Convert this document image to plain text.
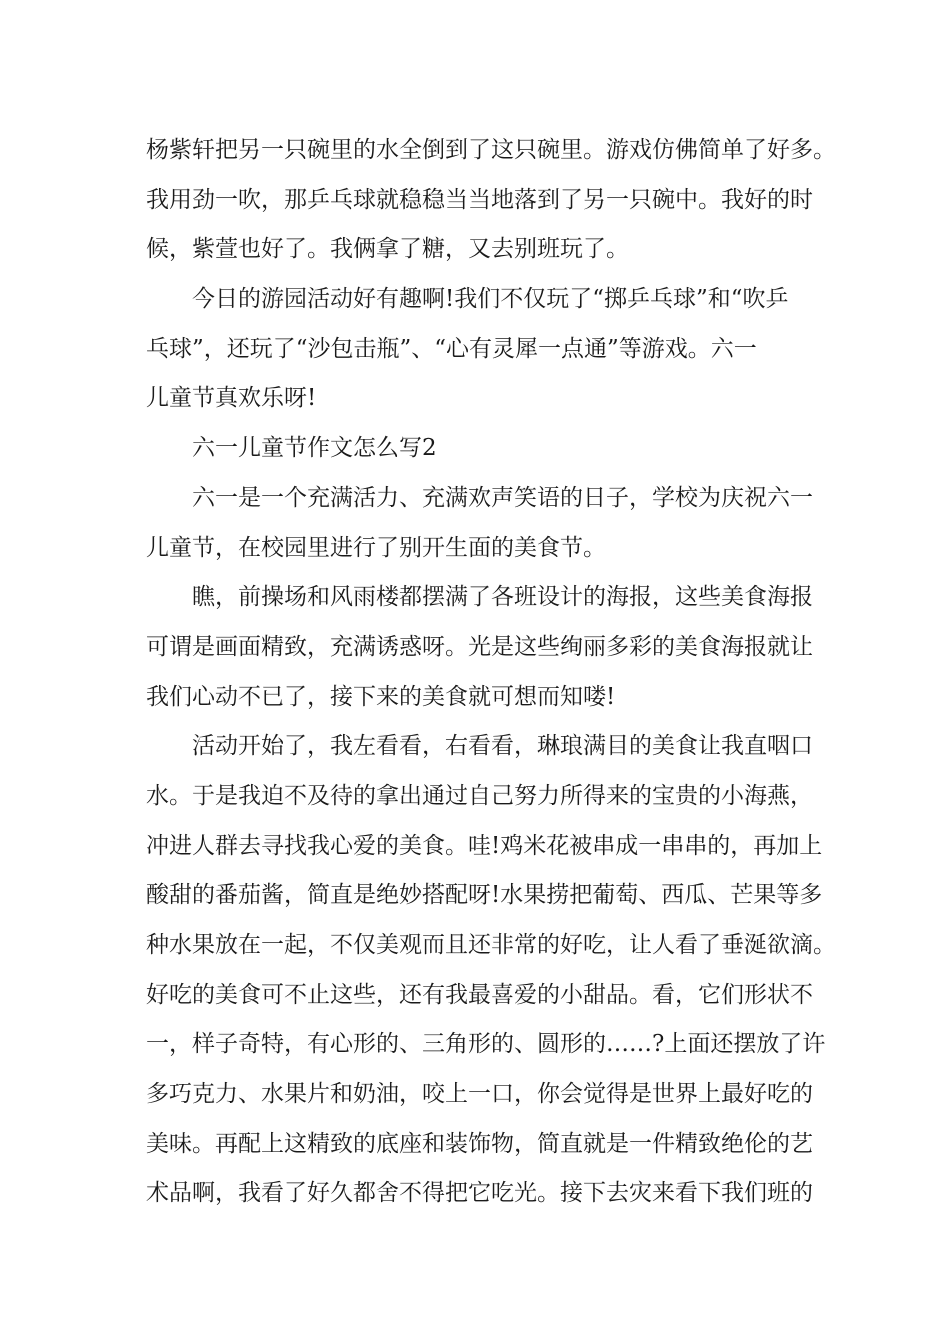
杨紫轩把另一只碗里的水全倒到了这只碗里。游戏仿佛简单了好多。
我用劲一吹，那乒乓球就稳稳当当地落到了另一只碗中。我好的时
候，紫萱也好了。我俩拿了糖，又去别班玩了。
今日的游园活动好有趣啊!我们不仅玩了“掷乒乓球”和“吹乒
乓球”，还玩了“沙包击瓶”、“心有灵犀一点通”等游戏。六一
儿童节真欢乐呀!
六一儿童节作文怎么写2
六一是一个充满活力、充满欢声笑语的日子，学校为庆祝六一
儿童节，在校园里进行了别开生面的美食节。
瞧，前操场和风雨楼都摆满了各班设计的海报，这些美食海报
可谓是画面精致，充满诱惑呀。光是这些绚丽多彩的美食海报就让
我们心动不已了，接下来的美食就可想而知喽!
活动开始了，我左看看，右看看，琳琅满目的美食让我直咽口
水。于是我迫不及待的拿出通过自己努力所得来的宝贵的小海燕，
冲进人群去寻找我心爱的美食。哇!鸡米花被串成一串串的，再加上
酸甜的番茄酱，简直是绝妙搭配呀!水果捞把葡萄、西瓜、芒果等多
种水果放在一起，不仅美观而且还非常的好吃，让人看了垂涎欲滴。
好吃的美食可不止这些，还有我最喜爱的小甜品。看，它们形状不
一，样子奇特，有心形的、三角形的、圆形的……?上面还摆放了许
多巧克力、水果片和奶油，咬上一口，你会觉得是世界上最好吃的
美味。再配上这精致的底座和装饰物，简直就是一件精致绝伦的艺
术品啊，我看了好久都舍不得把它吃光。接下去灾来看下我们班的
